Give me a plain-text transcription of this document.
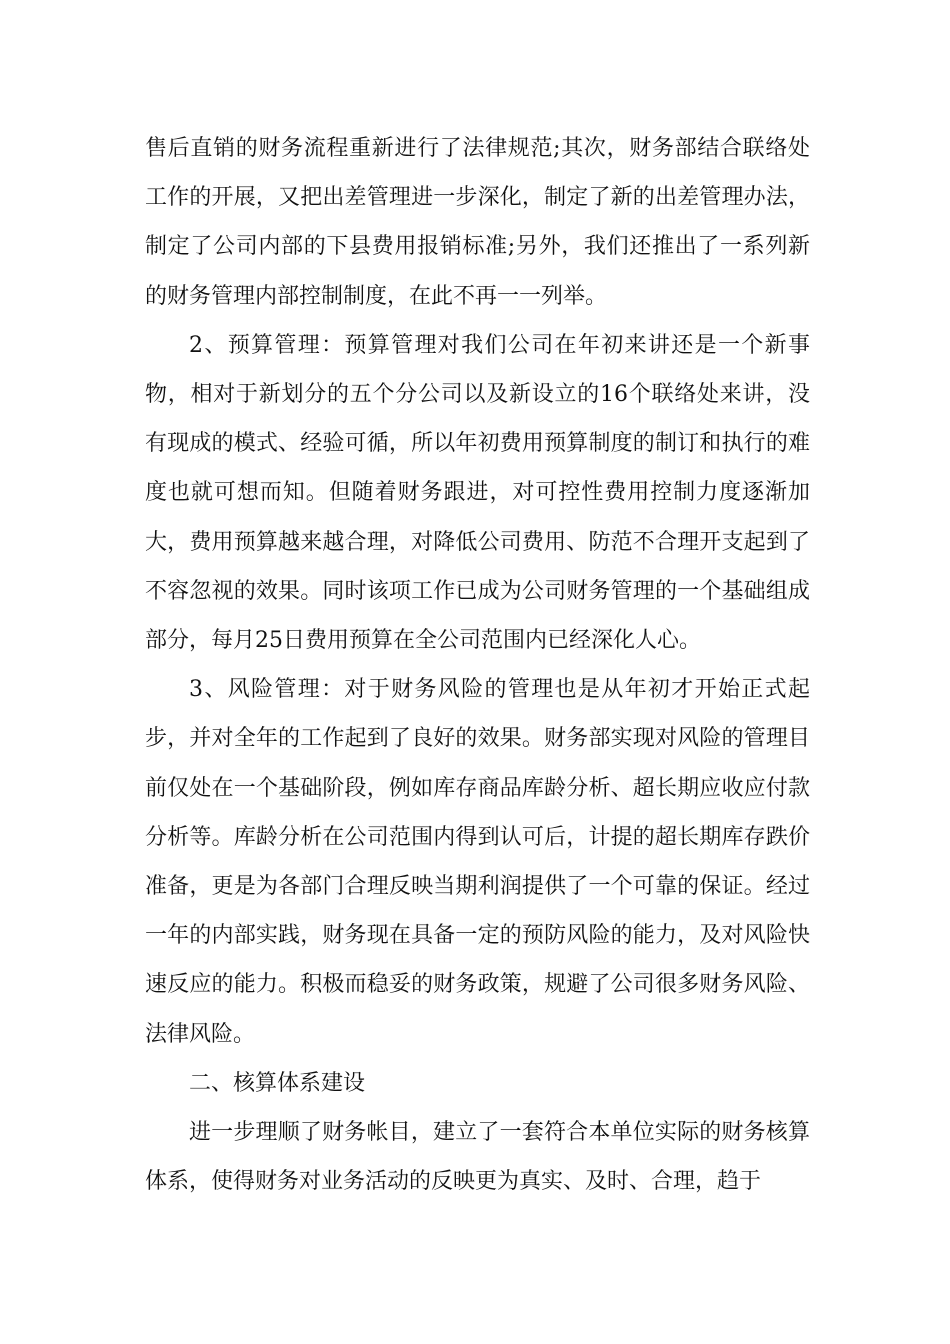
售后直销的财务流程重新进行了法律规范;其次，财务部结合联络处工作的开展，又把出差管理进一步深化，制定了新的出差管理办法，制定了公司内部的下县费用报销标准;另外，我们还推出了一系列新的财务管理内部控制制度，在此不再一一列举。

2、预算管理：预算管理对我们公司在年初来讲还是一个新事物，相对于新划分的五个分公司以及新设立的16个联络处来讲，没有现成的模式、经验可循，所以年初费用预算制度的制订和执行的难度也就可想而知。但随着财务跟进，对可控性费用控制力度逐渐加大，费用预算越来越合理，对降低公司费用、防范不合理开支起到了不容忽视的效果。同时该项工作已成为公司财务管理的一个基础组成部分，每月25日费用预算在全公司范围内已经深化人心。

3、风险管理：对于财务风险的管理也是从年初才开始正式起步，并对全年的工作起到了良好的效果。财务部实现对风险的管理目前仅处在一个基础阶段，例如库存商品库龄分析、超长期应收应付款分析等。库龄分析在公司范围内得到认可后，计提的超长期库存跌价准备，更是为各部门合理反映当期利润提供了一个可靠的保证。经过一年的内部实践，财务现在具备一定的预防风险的能力，及对风险快速反应的能力。积极而稳妥的财务政策，规避了公司很多财务风险、法律风险。

二、核算体系建设

进一步理顺了财务帐目，建立了一套符合本单位实际的财务核算体系，使得财务对业务活动的反映更为真实、及时、合理，趋于
